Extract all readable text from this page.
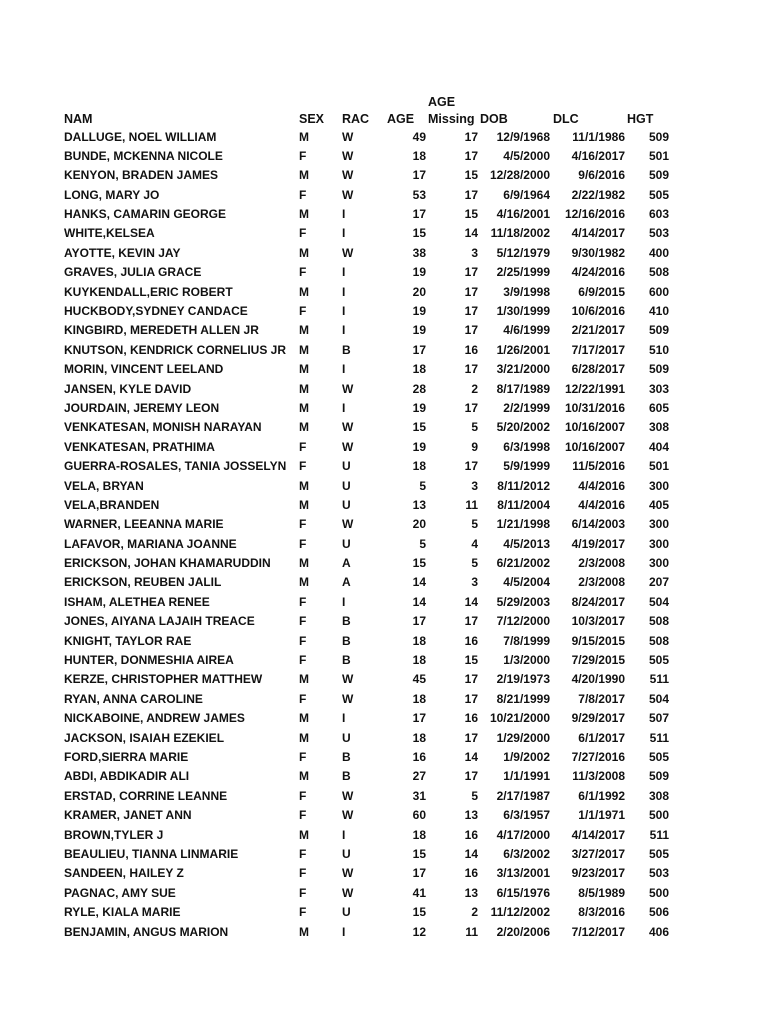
NAM	SEX RAC AGE
AGE
Missing DOB	DLC	HGT
DALLUGE, NOEL WILLIAM	M	W	49	17 12/9/1968 11/1/1986 509
BUNDE, MCKENNA NICOLE	F	W	18	17 4/5/2000 4/16/2017 501
KENYON, BRADEN JAMES	M	W	17	15 12/28/2000 9/6/2016 509
LONG, MARY JO	F	W	53	17 6/9/1964 2/22/1982 505
HANKS, CAMARIN GEORGE	M	I	17	15 4/16/2001 12/16/2016 603
WHITE,KELSEA	F	I	15	14 11/18/2002 4/14/2017 503
AYOTTE, KEVIN JAY	M	W	38	3 5/12/1979 9/30/1982 400
GRAVES, JULIA GRACE	F	I	19	17 2/25/1999 4/24/2016 508
KUYKENDALL,ERIC ROBERT	M	I	20	17 3/9/1998 6/9/2015 600
HUCKBODY,SYDNEY CANDACE	F	I	19	17 1/30/1999 10/6/2016 410
KINGBIRD, MEREDETH ALLEN JR	M	I	19	17 4/6/1999 2/21/2017 509
KNUTSON, KENDRICK CORNELIUS JR M	B	17	16 1/26/2001 7/17/2017 510
MORIN, VINCENT LEELAND	M	I	18	17 3/21/2000 6/28/2017 509
JANSEN, KYLE DAVID	M	W	28	2 8/17/1989 12/22/1991 303
JOURDAIN, JEREMY LEON	M	I	19	17 2/2/1999 10/31/2016 605
VENKATESAN, MONISH NARAYAN	M	W	15	5 5/20/2002 10/16/2007 308
VENKATESAN, PRATHIMA	F	W	19	9 6/3/1998 10/16/2007 404
GUERRA-ROSALES, TANIA JOSSELYN F	U	18	17 5/9/1999 11/5/2016 501
VELA, BRYAN	M	U	5	3 8/11/2012 4/4/2016 300
VELA,BRANDEN	M	U	13	11 8/11/2004 4/4/2016 405
WARNER, LEEANNA MARIE	F	W	20	5 1/21/1998 6/14/2003 300
LAFAVOR, MARIANA JOANNE	F	U	5	4 4/5/2013 4/19/2017 300
ERICKSON, JOHAN KHAMARUDDIN	M	A	15	5 6/21/2002 2/3/2008 300
ERICKSON, REUBEN JALIL	M	A	14	3 4/5/2004 2/3/2008 207
ISHAM, ALETHEA RENEE	F	I	14	14 5/29/2003 8/24/2017 504
JONES, AIYANA LAJAIH TREACE	F	B	17	17 7/12/2000 10/3/2017 508
KNIGHT, TAYLOR RAE	F	B	18	16 7/8/1999 9/15/2015 508
HUNTER, DONMESHIA AIREA	F	B	18	15 1/3/2000 7/29/2015 505
KERZE, CHRISTOPHER MATTHEW	M	W	45	17 2/19/1973 4/20/1990 511
RYAN, ANNA CAROLINE	F	W	18	17 8/21/1999 7/8/2017 504
NICKABOINE, ANDREW JAMES	M	I	17	16 10/21/2000 9/29/2017 507
JACKSON, ISAIAH EZEKIEL	M	U	18	17 1/29/2000 6/1/2017 511
FORD,SIERRA MARIE	F	B	16	14 1/9/2002 7/27/2016 505
ABDI, ABDIKADIR ALI	M	B	27	17 1/1/1991 11/3/2008 509
ERSTAD, CORRINE LEANNE	F	W	31	5 2/17/1987 6/1/1992 308
KRAMER, JANET ANN	F	W	60	13 6/3/1957 1/1/1971 500
BROWN,TYLER J	M	I	18	16 4/17/2000 4/14/2017 511
BEAULIEU, TIANNA LINMARIE	F	U	15	14 6/3/2002 3/27/2017 505
SANDEEN, HAILEY Z	F	W	17	16 3/13/2001 9/23/2017 503
PAGNAC, AMY SUE	F	W	41	13 6/15/1976 8/5/1989 500
RYLE, KIALA MARIE	F	U	15	2 11/12/2002 8/3/2016 506
BENJAMIN, ANGUS MARION	M	I	12	11 2/20/2006 7/12/2017 406
